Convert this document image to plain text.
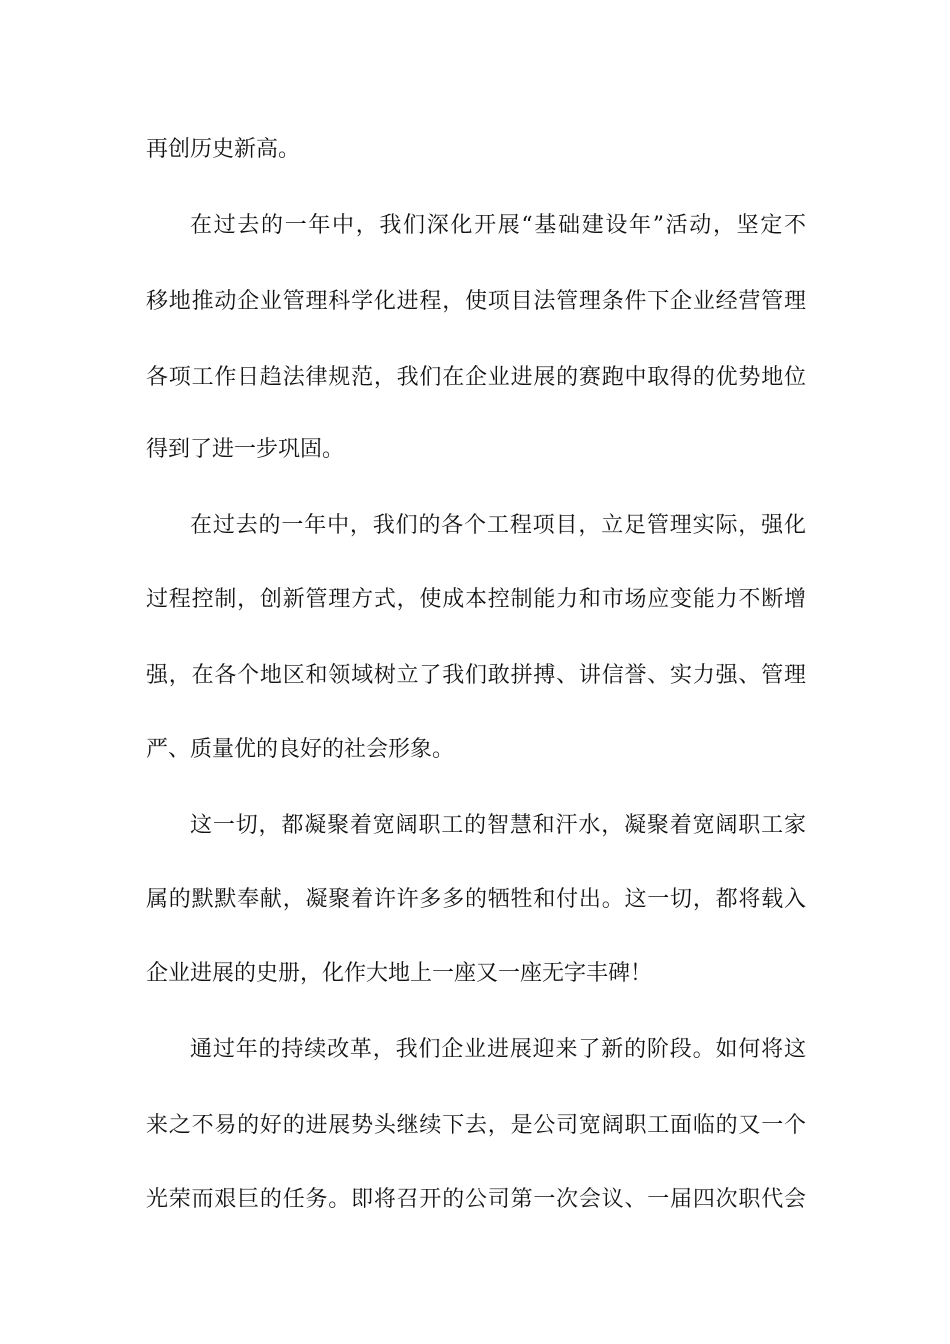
再创历史新高。
在过去的一年中，我们深化开展“基础建设年”活动，坚定不
移地推动企业管理科学化进程，使项目法管理条件下企业经营管理
各项工作日趋法律规范，我们在企业进展的赛跑中取得的优势地位
得到了进一步巩固。
在过去的一年中，我们的各个工程项目，立足管理实际，强化
过程控制，创新管理方式，使成本控制能力和市场应变能力不断增
强，在各个地区和领域树立了我们敢拼搏、讲信誉、实力强、管理
严、质量优的良好的社会形象。
这一切，都凝聚着宽阔职工的智慧和汗水，凝聚着宽阔职工家
属的默默奉献，凝聚着许许多多的牺牲和付出。这一切，都将载入
企业进展的史册，化作大地上一座又一座无字丰碑！
通过年的持续改革，我们企业进展迎来了新的阶段。如何将这
来之不易的好的进展势头继续下去，是公司宽阔职工面临的又一个
光荣而艰巨的任务。即将召开的公司第一次会议、一届四次职代会
